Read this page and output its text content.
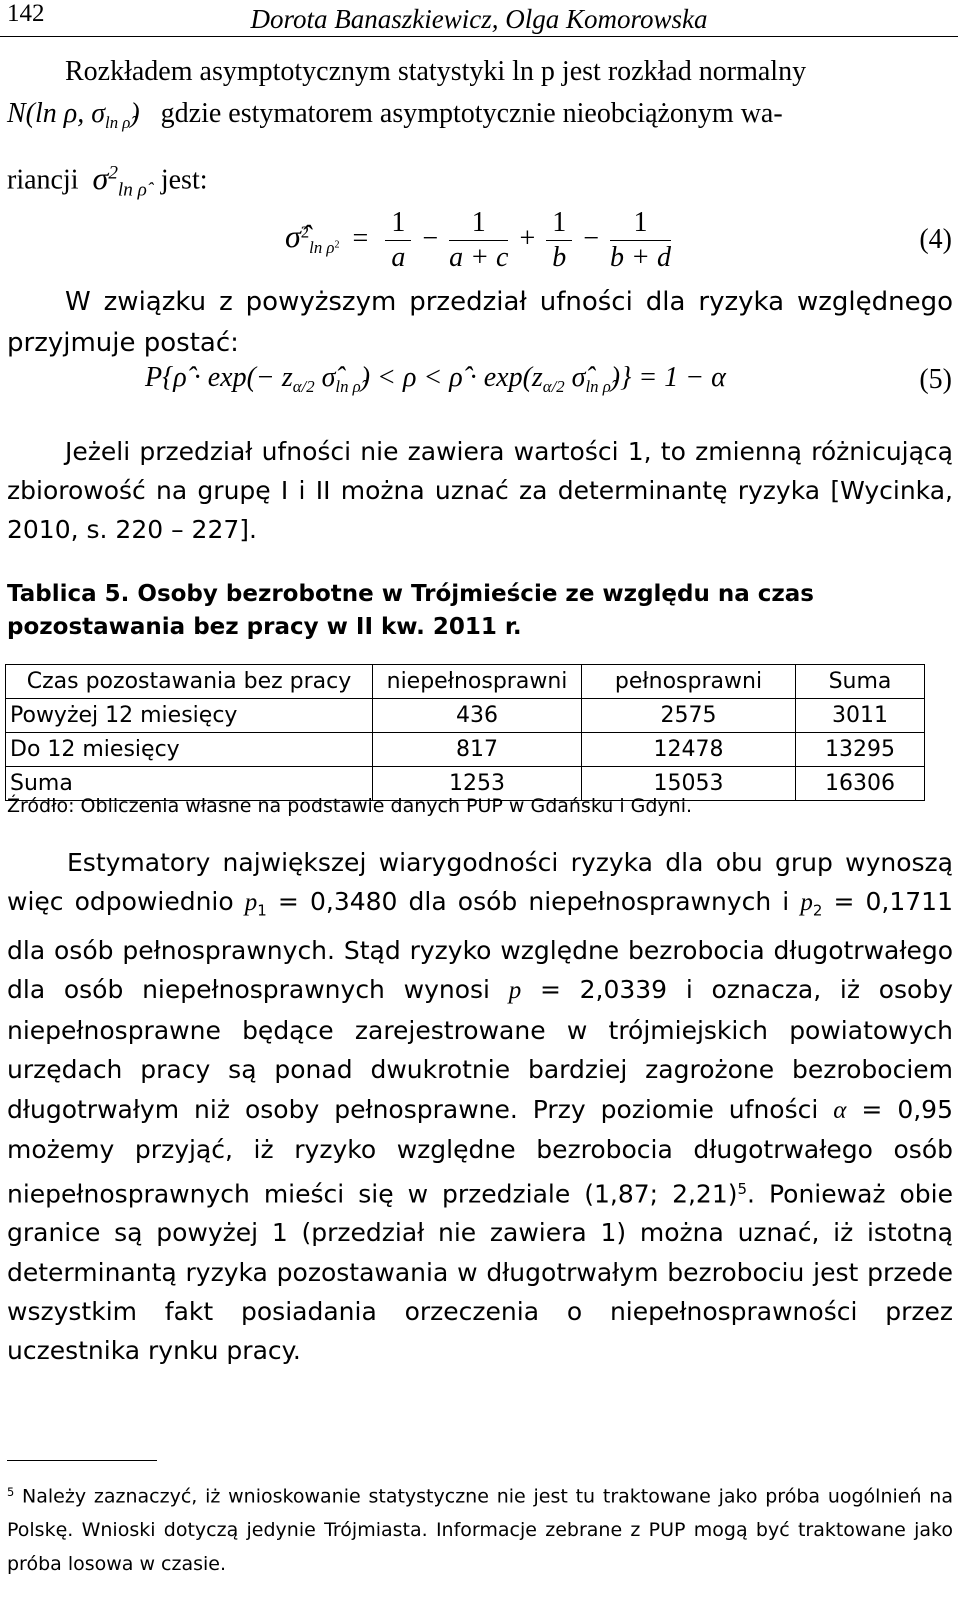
142	Dorota Banaszkiewicz, Olga Komorowska
Rozkładem asymptotycznym statystyki ln p jest rozkład normalny
N(ln ρ, $\sigma_{ln \rhô}$) gdzie estymatorem asymptotycznie nieobciążonym wa-
riancji $\sigma^2_{ln \rhô}$ jest:
σ̂$^2_{ln \rho^2}$ = $\frac{1}{a} - \frac{1}{a + c} + \frac{1}{b} - \frac{1}{b + d}$	(4)
W związku z powyższym przedział ufności dla ryzyka względnego przyjmuje postać:
P{ρ̂ · $\exp(- z_{\alpha/2}$ $\sigmâ_{ln \rhô}) < \rho$ < ρ̂ · $\exp(z_{\alpha/2}$ $\sigmâ_{ln \rhô})\} = 1 - \alpha$	(5)
Jeżeli przedział ufności nie zawiera wartości 1, to zmienną różnicującą zbiorowość na grupę I i II można uznać za determinantę ryzyka [Wycinka, 2010, s. 220 – 227].
Tablica 5. Osoby bezrobotne w Trójmieście ze względu na czas pozostawania bez pracy w II kw. 2011 r.
Czas pozostawania bez pracy	niepełnosprawni	pełnosprawni	Suma
Powyżej 12 miesięcy	436	2575	3011
Do 12 miesięcy	817	12478	13295
Suma	1253	15053	16306
Źródło: Obliczenia własne na podstawie danych PUP w Gdańsku i Gdyni.
Estymatory największej wiarygodności ryzyka dla obu grup wynoszą więc odpowiednio $p_1 = 0,3480$ dla osób niepełnosprawnych i $p_2 = 0,1711$ dla osób pełnosprawnych. Stąd ryzyko względne bezrobocia długotrwałego dla osób niepełnosprawnych wynosi p = 2,0339 i oznacza, iż osoby niepełnosprawne będące zarejestrowane w trójmiejskich powiatowych urzędach pracy są ponad dwukrotnie bardziej zagrożone bezrobociem długotrwałym niż osoby pełnosprawne. Przy poziomie ufności α = 0,95 możemy przyjąć, iż ryzyko względne bezrobocia długotrwałego osób niepełnosprawnych mieści się w przedziale (1,87; 2,21)$^5$. Ponieważ obie granice są powyżej 1 (przedział nie zawiera 1) można uznać, iż istotną determinantą ryzyka pozostawania w długotrwałym bezrobociu jest przede wszystkim fakt posiadania orzeczenia o niepełnosprawności przez uczestnika rynku pracy.
$^5$ Należy zaznaczyć, iż wnioskowanie statystyczne nie jest tu traktowane jako próba uogólnień na Polskę. Wnioski dotyczą jedynie Trójmiasta. Informacje zebrane z PUP mogą być traktowane jako próba losowa w czasie.
